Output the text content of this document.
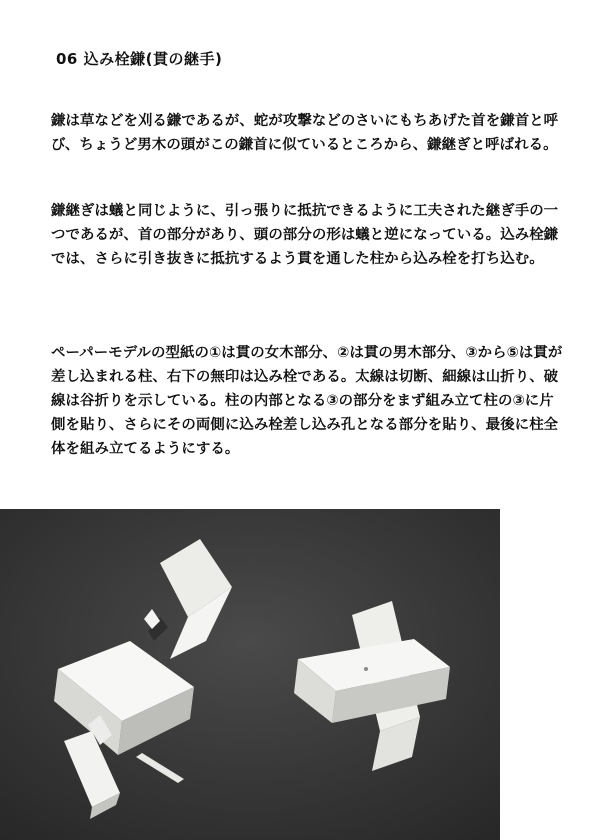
06 込み栓鎌(貫の継手)

鎌は草などを刈る鎌であるが、蛇が攻撃などのさいにもちあげた首を鎌首と呼び、ちょうど男木の頭がこの鎌首に似ているところから、鎌継ぎと呼ばれる。

鎌継ぎは蟻と同じように、引っ張りに抵抗できるように工夫された継ぎ手の一つであるが、首の部分があり、頭の部分の形は蟻と逆になっている。込み栓鎌では、さらに引き抜きに抵抗するよう貫を通した柱から込み栓を打ち込む。

ペーパーモデルの型紙の①は貫の女木部分、②は貫の男木部分、③から⑤は貫が差し込まれる柱、右下の無印は込み栓である。太線は切断、細線は山折り、破線は谷折りを示している。柱の内部となる③の部分をまず組み立て柱の③に片側を貼り、さらにその両側に込み栓差し込み孔となる部分を貼り、最後に柱全体を組み立てるようにする。
